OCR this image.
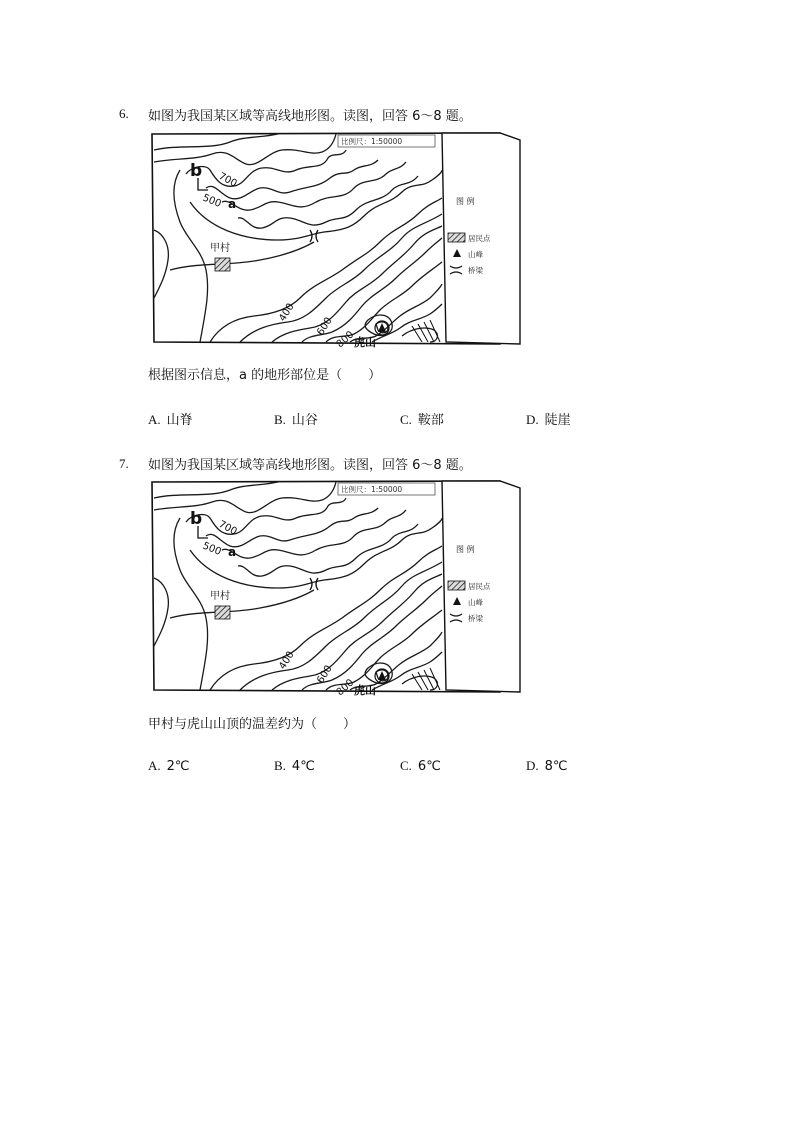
6. 如图为我国某区域等高线地形图。读图，回答 6～8 题。
图 例
居民点
山峰
桥梁
比例尺：1:50000
b
a
700
500
400
600
800
甲村
虎山
根据图示信息，a 的地形部位是（　　）
A. 山脊	B. 山谷	C. 鞍部	D. 陡崖
7. 如图为我国某区域等高线地形图。读图，回答 6～8 题。
图 例
居民点
山峰
桥梁
比例尺：1:50000
b
a
700
500
400
600
800
甲村
虎山
甲村与虎山山顶的温差约为（　　）
A. 2℃	B. 4℃	C. 6℃	D. 8℃
